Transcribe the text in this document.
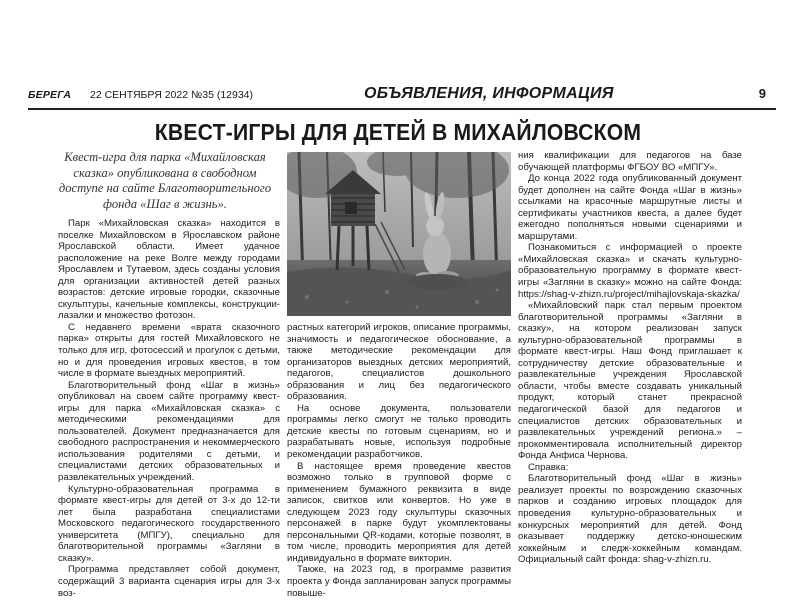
БЕРЕГА 22 СЕНТЯБРЯ 2022 №35 (12934)	ОБЪЯВЛЕНИЯ, ИНФОРМАЦИЯ	9
КВЕСТ-ИГРЫ ДЛЯ ДЕТЕЙ В МИХАЙЛОВСКОМ
Квест-игра для парка «Михайловская сказка» опубликована в свободном доступе на сайте Благотворительного фонда «Шаг в жизнь».

Парк «Михайловская сказка» находится в поселке Михайловском в Ярославском районе Ярославской области. Имеет удачное расположение на реке Волге между городами Ярославлем и Тутаевом, здесь созданы условия для организации активностей детей разных возрастов: детские игровые городки, сказочные скульптуры, качельные комплексы, конструкции-лазалки и множество фотозон.

С недавнего времени «врата сказочного парка» открыты для гостей Михайловского не только для игр, фотосессий и прогулок с детьми, но и для проведения игровых квестов, в том числе в формате выездных мероприятий.

Благотворительный фонд «Шаг в жизнь» опубликовал на своем сайте программу квест-игры для парка «Михайловская сказка» с методическими рекомендациями для пользователей. Документ предназначается для свободного распространения и некоммерческого использования родителями с детьми, и специалистами детских образовательных и развлекательных учреждений.

Культурно-образовательная программа в формате квест-игры для детей от 3-х до 12-ти лет была разработана специалистами Московского педагогического государственного университета (МПГУ), специально для благотворительной программы «Загляни в сказку».

Программа представляет собой документ, содержащий 3 варианта сценария игры для 3-х воз-

растных категорий игроков, описание программы, значимость и педагогическое обоснование, а также методические рекомендации для организаторов выездных детских мероприятий, педагогов, специалистов дошкольного образования и лиц без педагогического образования.

На основе документа, пользователи программы легко смогут не только проводить детские квесты по готовым сценариям, но и разрабатывать новые, используя подробные рекомендации разработчиков.

В настоящее время проведение квестов возможно только в групповой форме с применением бумажного реквизита в виде записок, свитков или конвертов. Но уже в следующем 2023 году скульптуры сказочных персонажей в парке будут укомплектованы персональными QR-кодами, которые позволят, в том числе, проводить мероприятия для детей индивидуально в формате викторин.

Также, на 2023 год, в программе развития проекта у Фонда запланирован запуск программы повыше-

ния квалификации для педагогов на базе обучающей платформы ФГБОУ ВО «МПГУ».

До конца 2022 года опубликованный документ будет дополнен на сайте Фонда «Шаг в жизнь» ссылками на красочные маршрутные листы и сертификаты участников квеста, а далее будет ежегодно пополняться новыми сценариями и маршрутами.

Познакомиться с информацией о проекте «Михайловская сказка» и скачать культурно-образовательную программу в формате квест-игры «Загляни в сказку» можно на сайте Фонда: https://shag-v-zhizn.ru/project/mihajlovskaja-skazka/

«Михайловский парк стал первым проектом благотворительной программы «Загляни в сказку», на котором реализован запуск культурно-образовательной программы в формате квест-игры. Наш Фонд приглашает к сотрудничеству детские образовательные и развлекательные учреждения Ярославской области, чтобы вместе создавать уникальный продукт, который станет прекрасной педагогической базой для педагогов и специалистов детских образовательных и развлекательных учреждений региона.» – прокомментировала исполнительный директор Фонда Анфиса Чернова.

Справка:

Благотворительный фонд «Шаг в жизнь» реализует проекты по возрождению сказочных парков и созданию игровых площадок для проведения культурно-образовательных и конкурсных мероприятий для детей. Фонд оказывает поддержку детско-юношеским хоккейным и следж-хоккейным командам. Официальный сайт фонда: shag-v-zhizn.ru.
